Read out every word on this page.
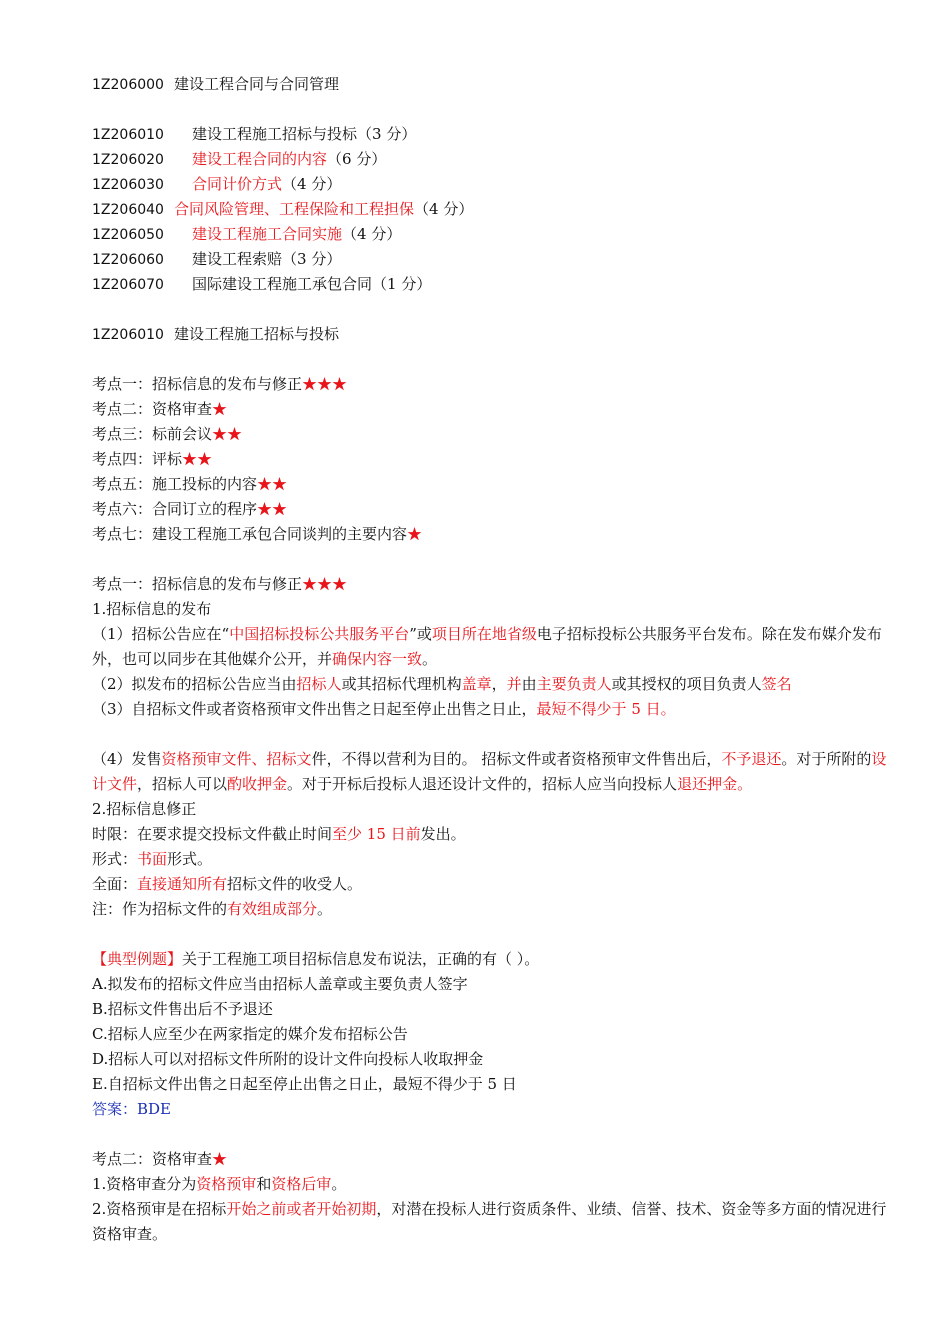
1Z206000 建设工程合同与合同管理
1Z206010 建设工程施工招标与投标（3 分）
1Z206020 建设工程合同的内容（6 分）
1Z206030 合同计价方式（4 分）
1Z206040 合同风险管理、工程保险和工程担保（4 分）
1Z206050 建设工程施工合同实施（4 分）
1Z206060 建设工程索赔（3 分）
1Z206070 国际建设工程施工承包合同（1 分）
1Z206010 建设工程施工招标与投标
考点一：招标信息的发布与修正★★★
考点二：资格审查★
考点三：标前会议★★
考点四：评标★★
考点五：施工投标的内容★★
考点六：合同订立的程序★★
考点七：建设工程施工承包合同谈判的主要内容★
考点一：招标信息的发布与修正★★★
1.招标信息的发布
（1）招标公告应在“中国招标投标公共服务平台”或项目所在地省级电子招标投标公共服务平台发布。除在发布媒介发布外，也可以同步在其他媒介公开，并确保内容一致。
（2）拟发布的招标公告应当由招标人或其招标代理机构盖章，并由主要负责人或其授权的项目负责人签名
（3）自招标文件或者资格预审文件出售之日起至停止出售之日止，最短不得少于 5 日。
（4）发售资格预审文件、招标文件，不得以营利为目的。 招标文件或者资格预审文件售出后，不予退还。对于所附的设计文件，招标人可以酌收押金。对于开标后投标人退还设计文件的，招标人应当向投标人退还押金。
2.招标信息修正
时限：在要求提交投标文件截止时间至少 15 日前发出。
形式：书面形式。
全面：直接通知所有招标文件的收受人。
注：作为招标文件的有效组成部分。
【典型例题】关于工程施工项目招标信息发布说法，正确的有（ ）。
A.拟发布的招标文件应当由招标人盖章或主要负责人签字
B.招标文件售出后不予退还
C.招标人应至少在两家指定的媒介发布招标公告
D.招标人可以对招标文件所附的设计文件向投标人收取押金
E.自招标文件出售之日起至停止出售之日止，最短不得少于 5 日
答案：BDE
考点二：资格审查★
1.资格审查分为资格预审和资格后审。
2.资格预审是在招标开始之前或者开始初期，对潜在投标人进行资质条件、业绩、信誉、技术、资金等多方面的情况进行资格审查。
